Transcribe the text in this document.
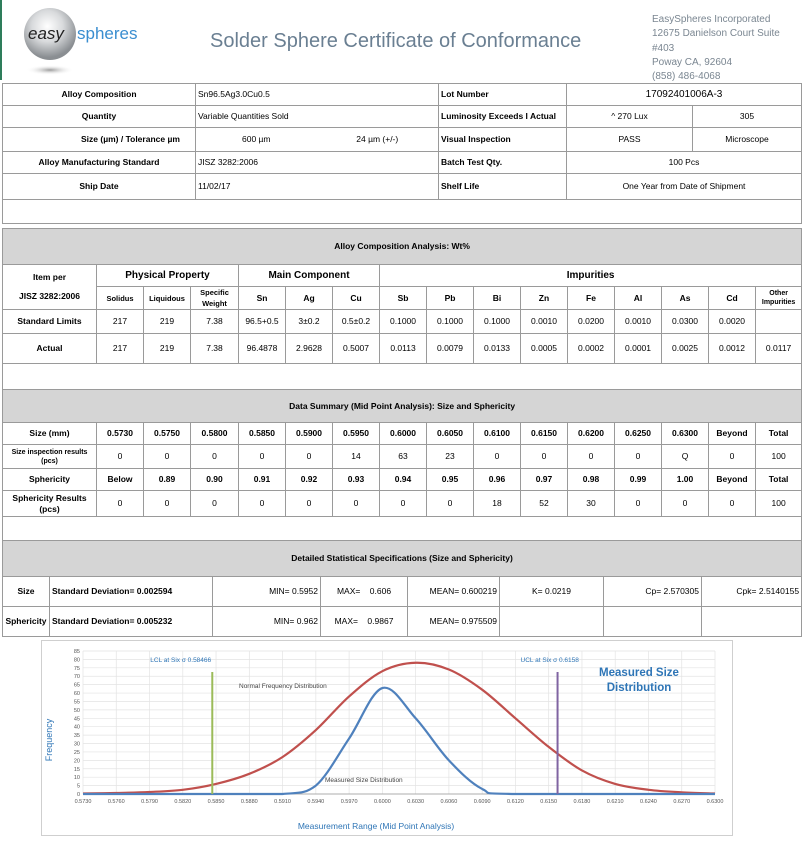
easy spheres	Solder Sphere Certificate of Conformance
EasySpheres Incorporated
12675 Danielson Court Suite #403
Poway CA, 92604
(858) 486-4068
Alloy Composition	Sn96.5Ag3.0Cu0.5		Lot Number	17092401006A-3	
Quantity	Variable Quantities Sold		Luminosity Exceeds I Actual	^ 270 Lux	305
Size (µm) / Tolerance µm	600 µm	24 µm (+/-)	Visual Inspection	PASS	Microscope
Alloy Manufacturing Standard	JISZ 3282:2006		Batch Test Qty.	100 Pcs	
Ship Date	11/02/17		Shelf Life	One Year from Date of Shipment	

Alloy Composition Analysis: Wt%															

Item per
JISZ 3282:2006	Physical Property			Main Component			Impurities								
	Solidus	Liquidous	Specific Weight	Sn	Ag	Cu	Sb	Pb	Bi	Zn	Fe	Al	As	Cd	Other Impurities
Standard Limits	217	219	7.38	96.5+0.5	3±0.2	0.5±0.2	0.1000	0.1000	0.1000	0.0010	0.0200	0.0010	0.0300	0.0020	
Actual	217	219	7.38	96.4878	2.9628	0.5007	0.0113	0.0079	0.0133	0.0005	0.0002	0.0001	0.0025	0.0012	0.0117

Data Summary (Mid Point Analysis): Size and Sphericity															
Size (mm)	0.5730	0.5750	0.5800	0.5850	0.5900	0.5950	0.6000	0.6050	0.6100	0.6150	0.6200	0.6250	0.6300	Beyond	Total
Size inspection results (pcs)	0	0	0	0	0	14	63	23	0	0	0	0	Q	0	100
Sphericity	Below	0.89	0.90	0.91	0.92	0.93	0.94	0.95	0.96	0.97	0.98	0.99	1.00	Beyond	Total
Sphericity Results (pcs)	0	0	0	0	0	0	0	0	18	52	30	0	0	0	100

Detailed Statistical Specifications (Size and Sphericity)							
Size	Standard Deviation= 0.002594	MIN= 0.5952	MAX= 0.606	MEAN= 0.600219	K= 0.0219	Cp= 2.570305	Cpk= 2.5140155
Sphericity	Standard Deviation= 0.005232	MIN= 0.962	MAX= 0.9867	MEAN= 0.975509			
0
5
10
15
20
25
30
35
40
45
50
55
60
65
70
75
80
85
0.5730	0.5760	0.5790	0.5820	0.5850	0.5880	0.5910	0.5940	0.5970	0.6000	0.6030	0.6060	0.6090	0.6120	0.6150	0.6180	0.6210	0.6240	0.6270	0.6300
Normal Frequency Distribution
Measured Size Distribution
LCL at Six σ 0.58466	UCL at Six σ 0.6158
Frequency
Measurement Range (Mid Point Analysis)
Measured Size Distribution
